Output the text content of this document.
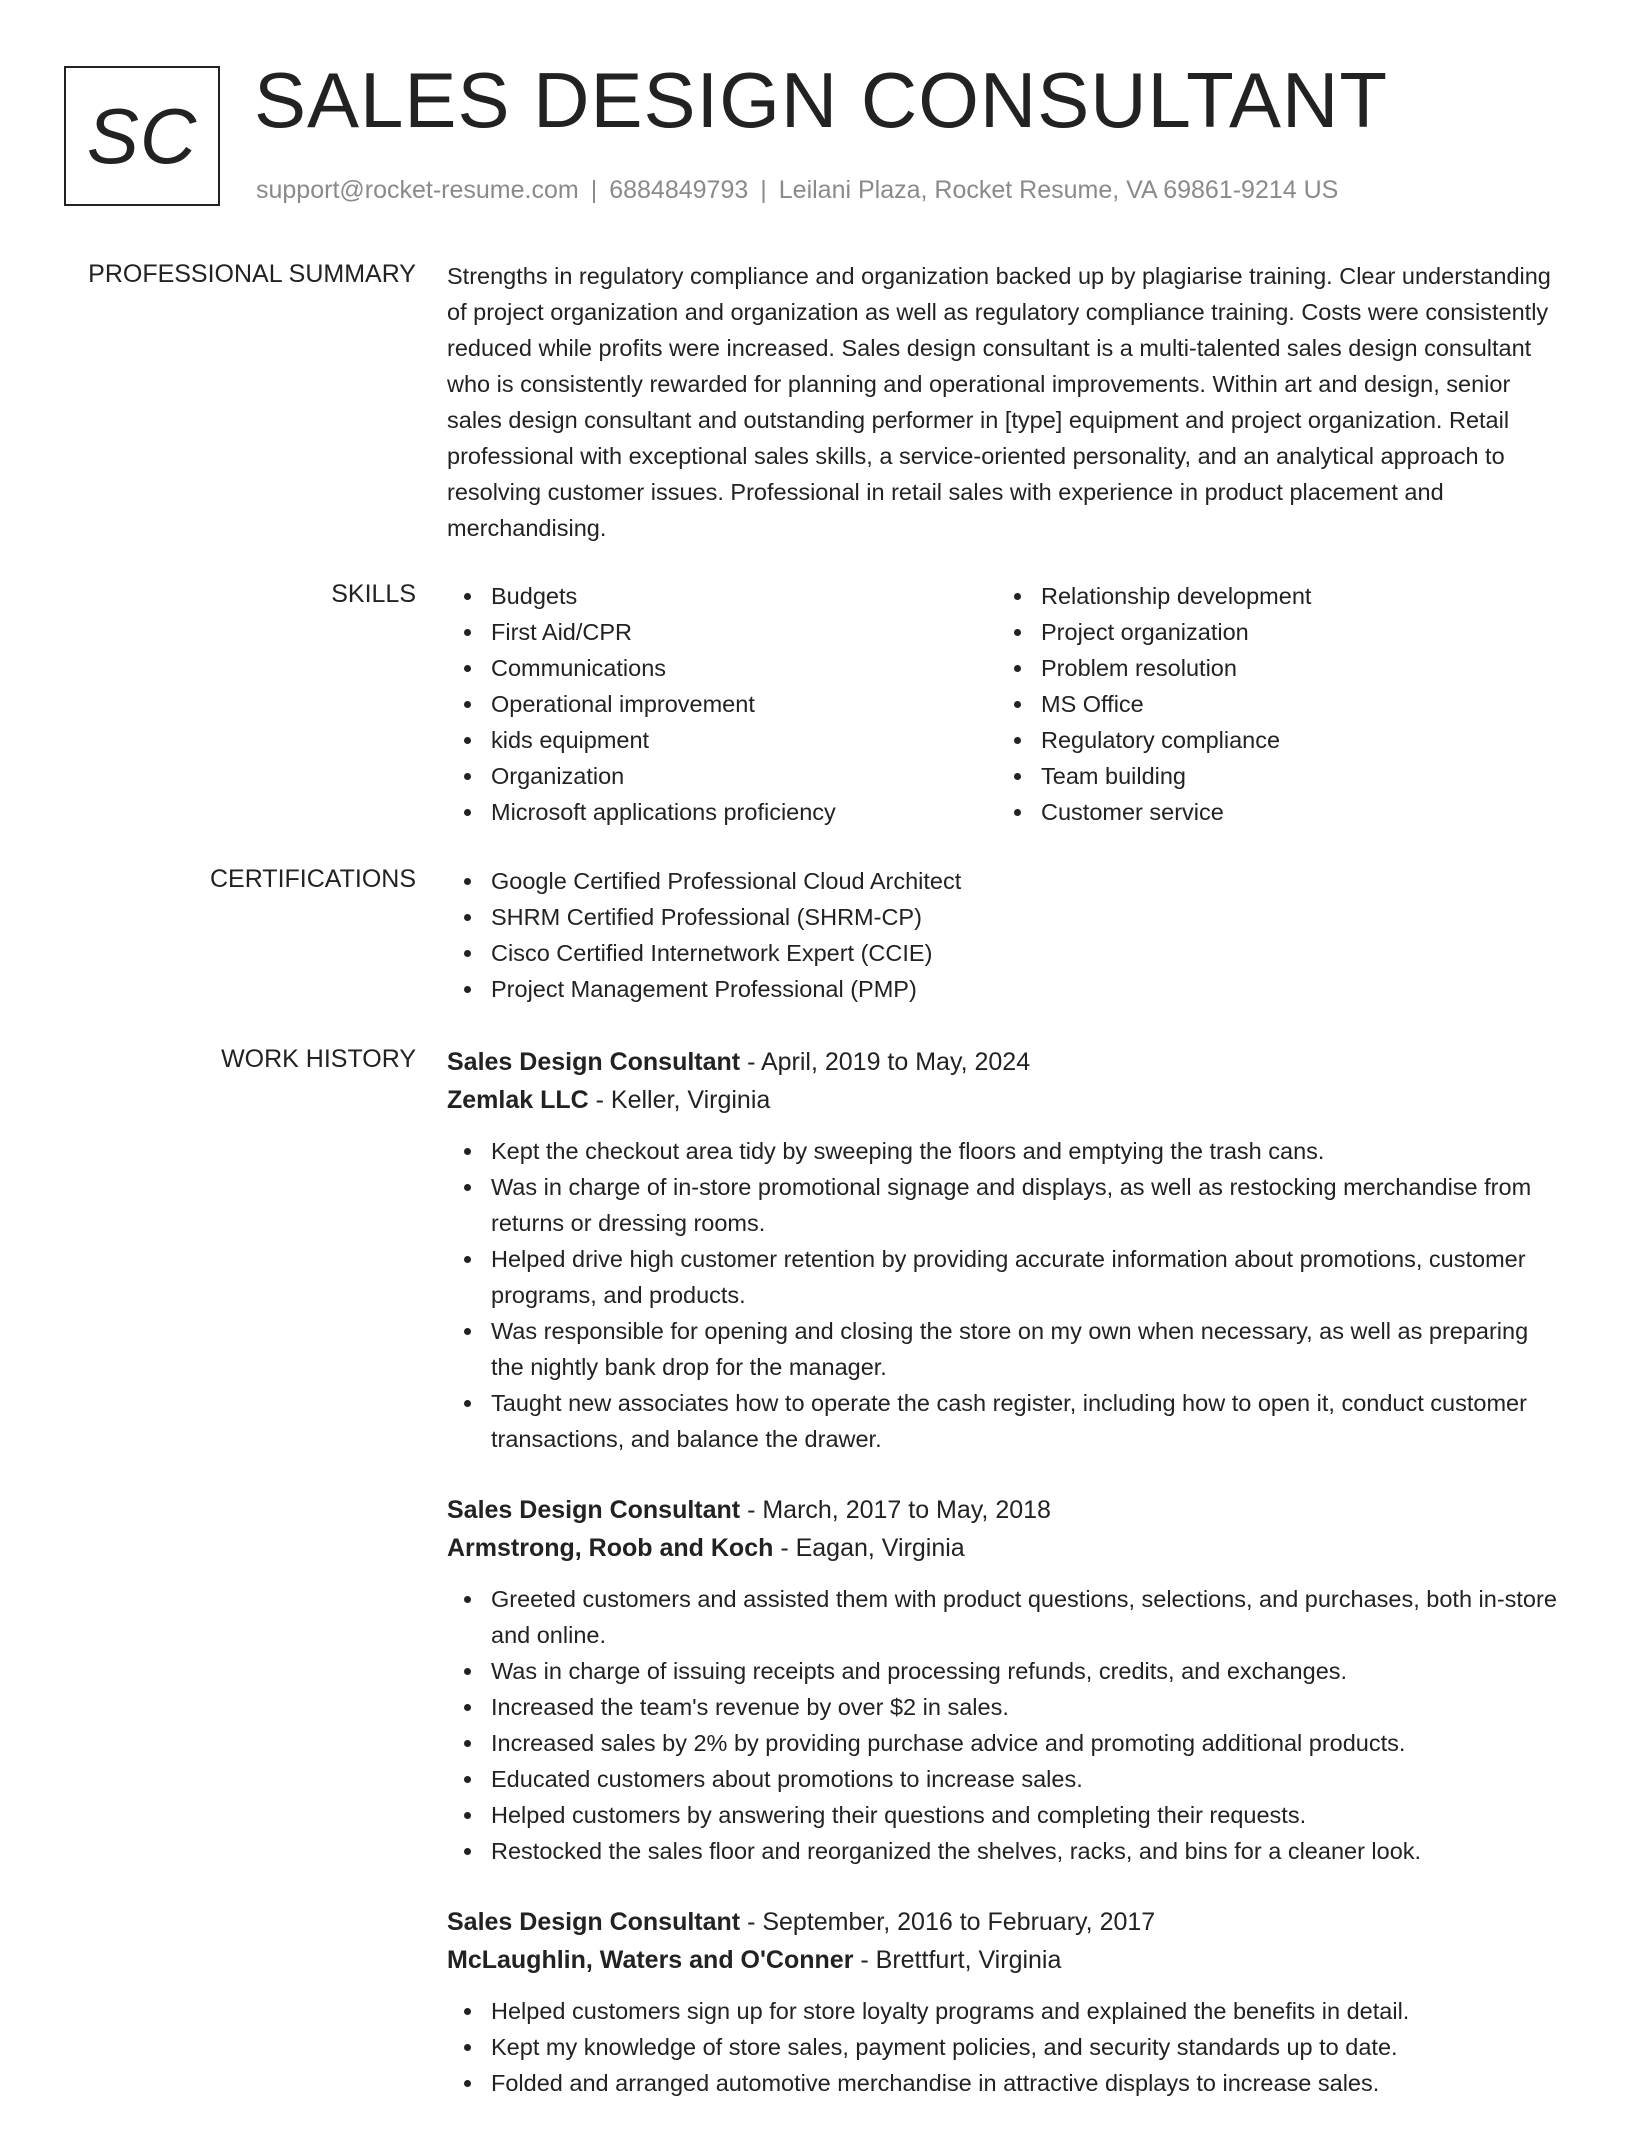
SC SALES DESIGN CONSULTANT
support@rocket-resume.com | 6884849793 | Leilani Plaza, Rocket Resume, VA 69861-9214 US
PROFESSIONAL SUMMARY Strengths in regulatory compliance and organization backed up by plagiarise training. Clear understanding of project organization and organization as well as regulatory compliance training. Costs were consistently reduced while profits were increased. Sales design consultant is a multi-talented sales design consultant who is consistently rewarded for planning and operational improvements. Within art and design, senior sales design consultant and outstanding performer in [type] equipment and project organization. Retail professional with exceptional sales skills, a service-oriented personality, and an analytical approach to resolving customer issues. Professional in retail sales with experience in product placement and merchandising.

SKILLS	Budgets
First Aid/CPR
Communications
Operational improvement
kids equipment
Organization
Microsoft applications proficiency
Relationship development
Project organization
Problem resolution
MS Office
Regulatory compliance
Team building
Customer service
CERTIFICATIONS	Google Certified Professional Cloud Architect
SHRM Certified Professional (SHRM-CP)
Cisco Certified Internetwork Expert (CCIE)
Project Management Professional (PMP)
WORK HISTORY Sales Design Consultant - April, 2019 to May, 2024
Zemlak LLC - Keller, Virginia
Kept the checkout area tidy by sweeping the floors and emptying the trash cans.
Was in charge of in-store promotional signage and displays, as well as restocking merchandise from returns or dressing rooms.
Helped drive high customer retention by providing accurate information about promotions, customer programs, and products.
Was responsible for opening and closing the store on my own when necessary, as well as preparing the nightly bank drop for the manager.
Taught new associates how to operate the cash register, including how to open it, conduct customer transactions, and balance the drawer.
Sales Design Consultant - March, 2017 to May, 2018
Armstrong, Roob and Koch - Eagan, Virginia
Greeted customers and assisted them with product questions, selections, and purchases, both in-store and online.
Was in charge of issuing receipts and processing refunds, credits, and exchanges.
Increased the team's revenue by over $2 in sales.
Increased sales by 2% by providing purchase advice and promoting additional products.
Educated customers about promotions to increase sales.
Helped customers by answering their questions and completing their requests.
Restocked the sales floor and reorganized the shelves, racks, and bins for a cleaner look.
Sales Design Consultant - September, 2016 to February, 2017
McLaughlin, Waters and O'Conner - Brettfurt, Virginia
Helped customers sign up for store loyalty programs and explained the benefits in detail.
Kept my knowledge of store sales, payment policies, and security standards up to date.
Folded and arranged automotive merchandise in attractive displays to increase sales.
